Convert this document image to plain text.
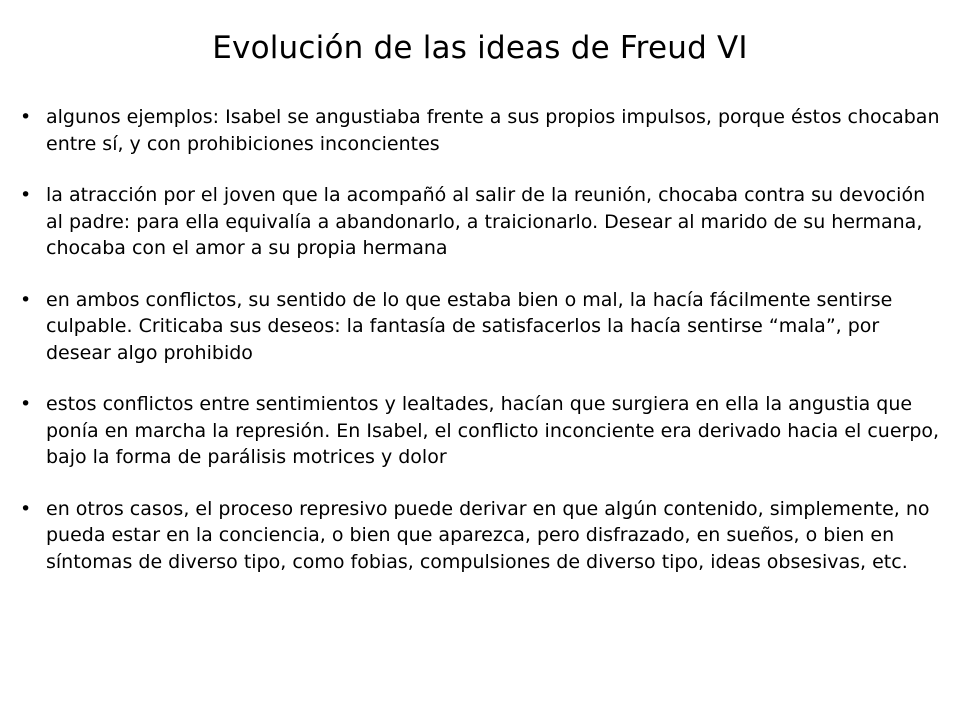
Evolución de las ideas de Freud VI
• algunos ejemplos: Isabel se angustiaba frente a sus propios impulsos, porque éstos chocaban entre sí, y con prohibiciones inconcientes
• la atracción por el joven que la acompañó al salir de la reunión, chocaba contra su devoción al padre: para ella equivalía a abandonarlo, a traicionarlo. Desear al marido de su hermana, chocaba con el amor a su propia hermana
• en ambos conflictos, su sentido de lo que estaba bien o mal, la hacía fácilmente sentirse culpable. Criticaba sus deseos: la fantasía de satisfacerlos la hacía sentirse “mala”, por desear algo prohibido
• estos conflictos entre sentimientos y lealtades, hacían que surgiera en ella la angustia que ponía en marcha la represión. En Isabel, el conflicto inconciente era derivado hacia el cuerpo, bajo la forma de parálisis motrices y dolor
• en otros casos, el proceso represivo puede derivar en que algún contenido, simplemente, no pueda estar en la conciencia, o bien que aparezca, pero disfrazado, en sueños, o bien en síntomas de diverso tipo, como fobias, compulsiones de diverso tipo, ideas obsesivas, etc.
